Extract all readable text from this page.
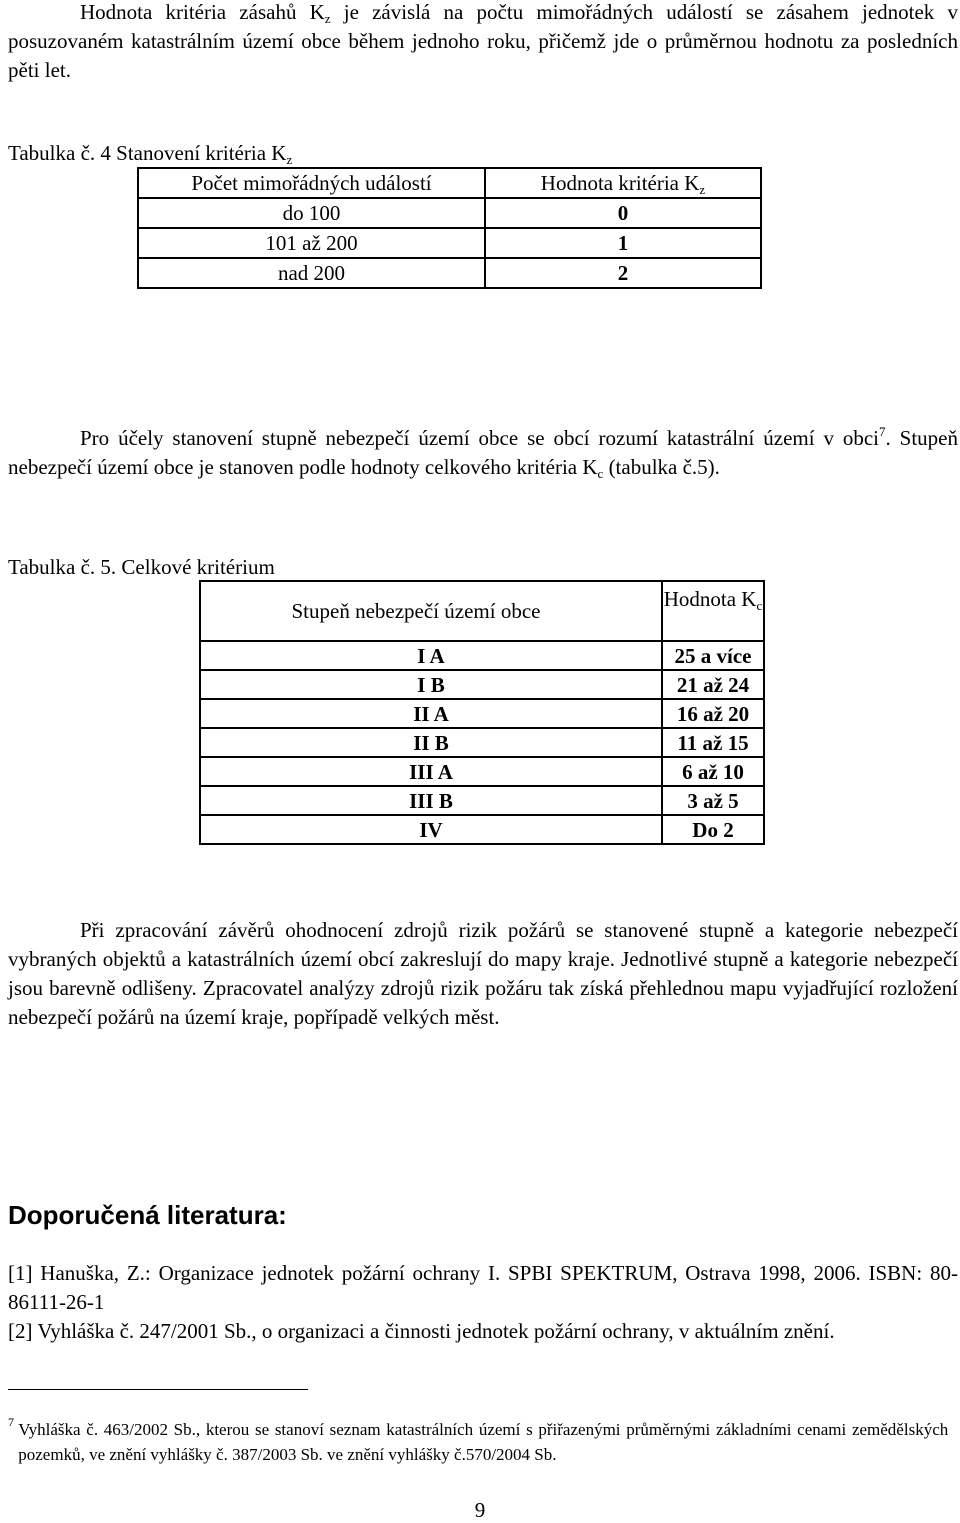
Hodnota kritéria zásahů $K_z$ je závislá na počtu mimořádných událostí se zásahem jednotek v posuzovaném katastrálním území obce během jednoho roku, přičemž jde o průměrnou hodnotu za posledních pěti let.

Tabulka č. 4 Stanovení kritéria $K_z$
Počet mimořádných událostí	Hodnota kritéria $K_z$
do 100	0
101 až 200	1
nad 200	2

Pro účely stanovení stupně nebezpečí území obce se obcí rozumí katastrální území v obci$^7$. Stupeň nebezpečí území obce je stanoven podle hodnoty celkového kritéria $K_c$ (tabulka č.5).

Tabulka č. 5. Celkové kritérium
Stupeň nebezpečí území obce	Hodnota $K_c$
I A	25 a více
I B	21 až 24
II A	16 až 20
II B	11 až 15
III A	6 až 10
III B	3 až 5
IV	Do 2

Při zpracování závěrů ohodnocení zdrojů rizik požárů se stanovené stupně a kategorie nebezpečí vybraných objektů a katastrálních území obcí zakreslují do mapy kraje. Jednotlivé stupně a kategorie nebezpečí jsou barevně odlišeny. Zpracovatel analýzy zdrojů rizik požáru tak získá přehlednou mapu vyjadřující rozložení nebezpečí požárů na území kraje, popřípadě velkých měst.

Doporučená literatura:

[1] Hanuška, Z.: Organizace jednotek požární ochrany I. SPBI SPEKTRUM, Ostrava 1998, 2006. ISBN: 80-86111-26-1

[2] Vyhláška č. 247/2001 Sb., o organizaci a činnosti jednotek požární ochrany, v aktuálním znění.

$^7$ Vyhláška č. 463/2002 Sb., kterou se stanoví seznam katastrálních území s přiřazenými průměrnými základními cenami zemědělských pozemků, ve znění vyhlášky č. 387/2003 Sb. ve znění vyhlášky č.570/2004 Sb.
9
